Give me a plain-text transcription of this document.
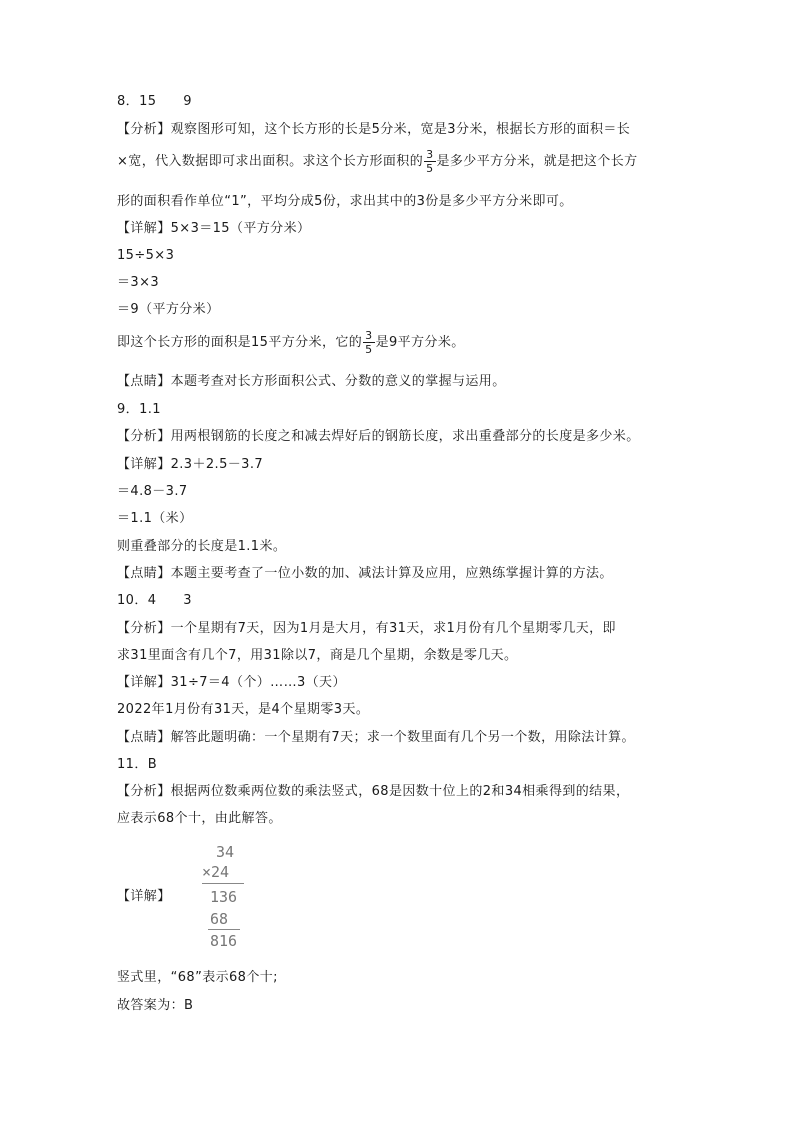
8．15　　9
【分析】观察图形可知，这个长方形的长是5分米，宽是3分米，根据长方形的面积＝长
×宽，代入数据即可求出面积。求这个长方形面积的 $\frac{3}{5}$ 是多少平方分米，就是把这个长方
形的面积看作单位“1”，平均分成5份，求出其中的3份是多少平方分米即可。
【详解】5×3＝15（平方分米）
15÷5×3
＝3×3
＝9（平方分米）
即这个长方形的面积是15平方分米，它的 $\frac{3}{5}$ 是9平方分米。
【点睛】本题考查对长方形面积公式、分数的意义的掌握与运用。
9．1.1
【分析】用两根钢筋的长度之和减去焊好后的钢筋长度，求出重叠部分的长度是多少米。
【详解】2.3＋2.5－3.7
＝4.8－3.7
＝1.1（米）
则重叠部分的长度是1.1米。
【点睛】本题主要考查了一位小数的加、减法计算及应用，应熟练掌握计算的方法。
10．4　　3
【分析】一个星期有7天，因为1月是大月，有31天，求1月份有几个星期零几天，即
求31里面含有几个7，用31除以7，商是几个星期，余数是零几天。
【详解】31÷7＝4（个）……3（天）
2022年1月份有31天，是4个星期零3天。
【点睛】解答此题明确：一个星期有7天；求一个数里面有几个另一个数，用除法计算。
11．B
【分析】根据两位数乘两位数的乘法竖式，68是因数十位上的2和34相乘得到的结果，
应表示68个十，由此解答。
【详解】
34
×24
136
68
816
竖式里，“68”表示68个十;
故答案为：B
